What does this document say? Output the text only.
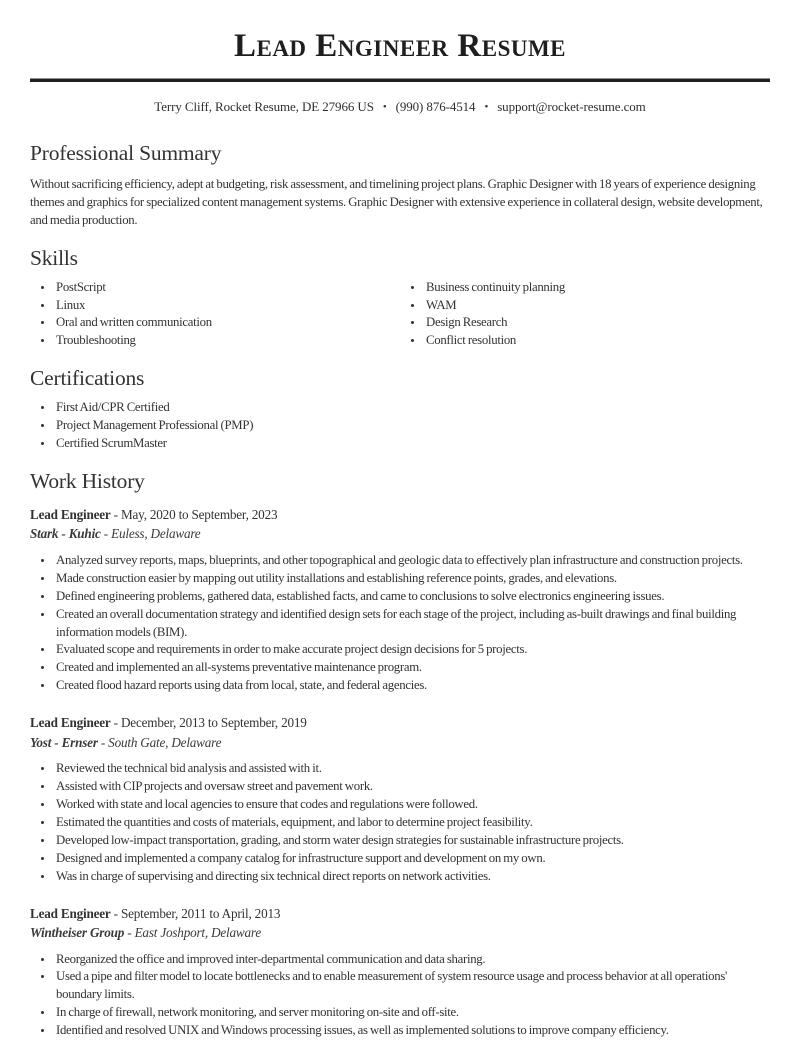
Lead Engineer Resume
Terry Cliff, Rocket Resume, DE 27966 US • (990) 876-4514 • support@rocket-resume.com
Professional Summary

Without sacrificing efficiency, adept at budgeting, risk assessment, and timelining project plans. Graphic Designer with 18 years of experience designing themes and graphics for specialized content management systems. Graphic Designer with extensive experience in collateral design, website development, and media production.

Skills
• PostScript
• Linux
• Oral and written communication
• Troubleshooting
• Business continuity planning
• WAM
• Design Research
• Conflict resolution
Certifications
• First Aid/CPR Certified
• Project Management Professional (PMP)
• Certified ScrumMaster
Work History
Lead Engineer - May, 2020 to September, 2023
Stark - Kuhic - Euless, Delaware
• Analyzed survey reports, maps, blueprints, and other topographical and geologic data to effectively plan infrastructure and construction projects.
• Made construction easier by mapping out utility installations and establishing reference points, grades, and elevations.
• Defined engineering problems, gathered data, established facts, and came to conclusions to solve electronics engineering issues.
• Created an overall documentation strategy and identified design sets for each stage of the project, including as-built drawings and final building information models (BIM).
• Evaluated scope and requirements in order to make accurate project design decisions for 5 projects.
• Created and implemented an all-systems preventative maintenance program.
• Created flood hazard reports using data from local, state, and federal agencies.
Lead Engineer - December, 2013 to September, 2019
Yost - Ernser - South Gate, Delaware
• Reviewed the technical bid analysis and assisted with it.
• Assisted with CIP projects and oversaw street and pavement work.
• Worked with state and local agencies to ensure that codes and regulations were followed.
• Estimated the quantities and costs of materials, equipment, and labor to determine project feasibility.
• Developed low-impact transportation, grading, and storm water design strategies for sustainable infrastructure projects.
• Designed and implemented a company catalog for infrastructure support and development on my own.
• Was in charge of supervising and directing six technical direct reports on network activities.
Lead Engineer - September, 2011 to April, 2013
Wintheiser Group - East Joshport, Delaware
• Reorganized the office and improved inter-departmental communication and data sharing.
• Used a pipe and filter model to locate bottlenecks and to enable measurement of system resource usage and process behavior at all operations' boundary limits.
• In charge of firewall, network monitoring, and server monitoring on-site and off-site.
• Identified and resolved UNIX and Windows processing issues, as well as implemented solutions to improve company efficiency.
